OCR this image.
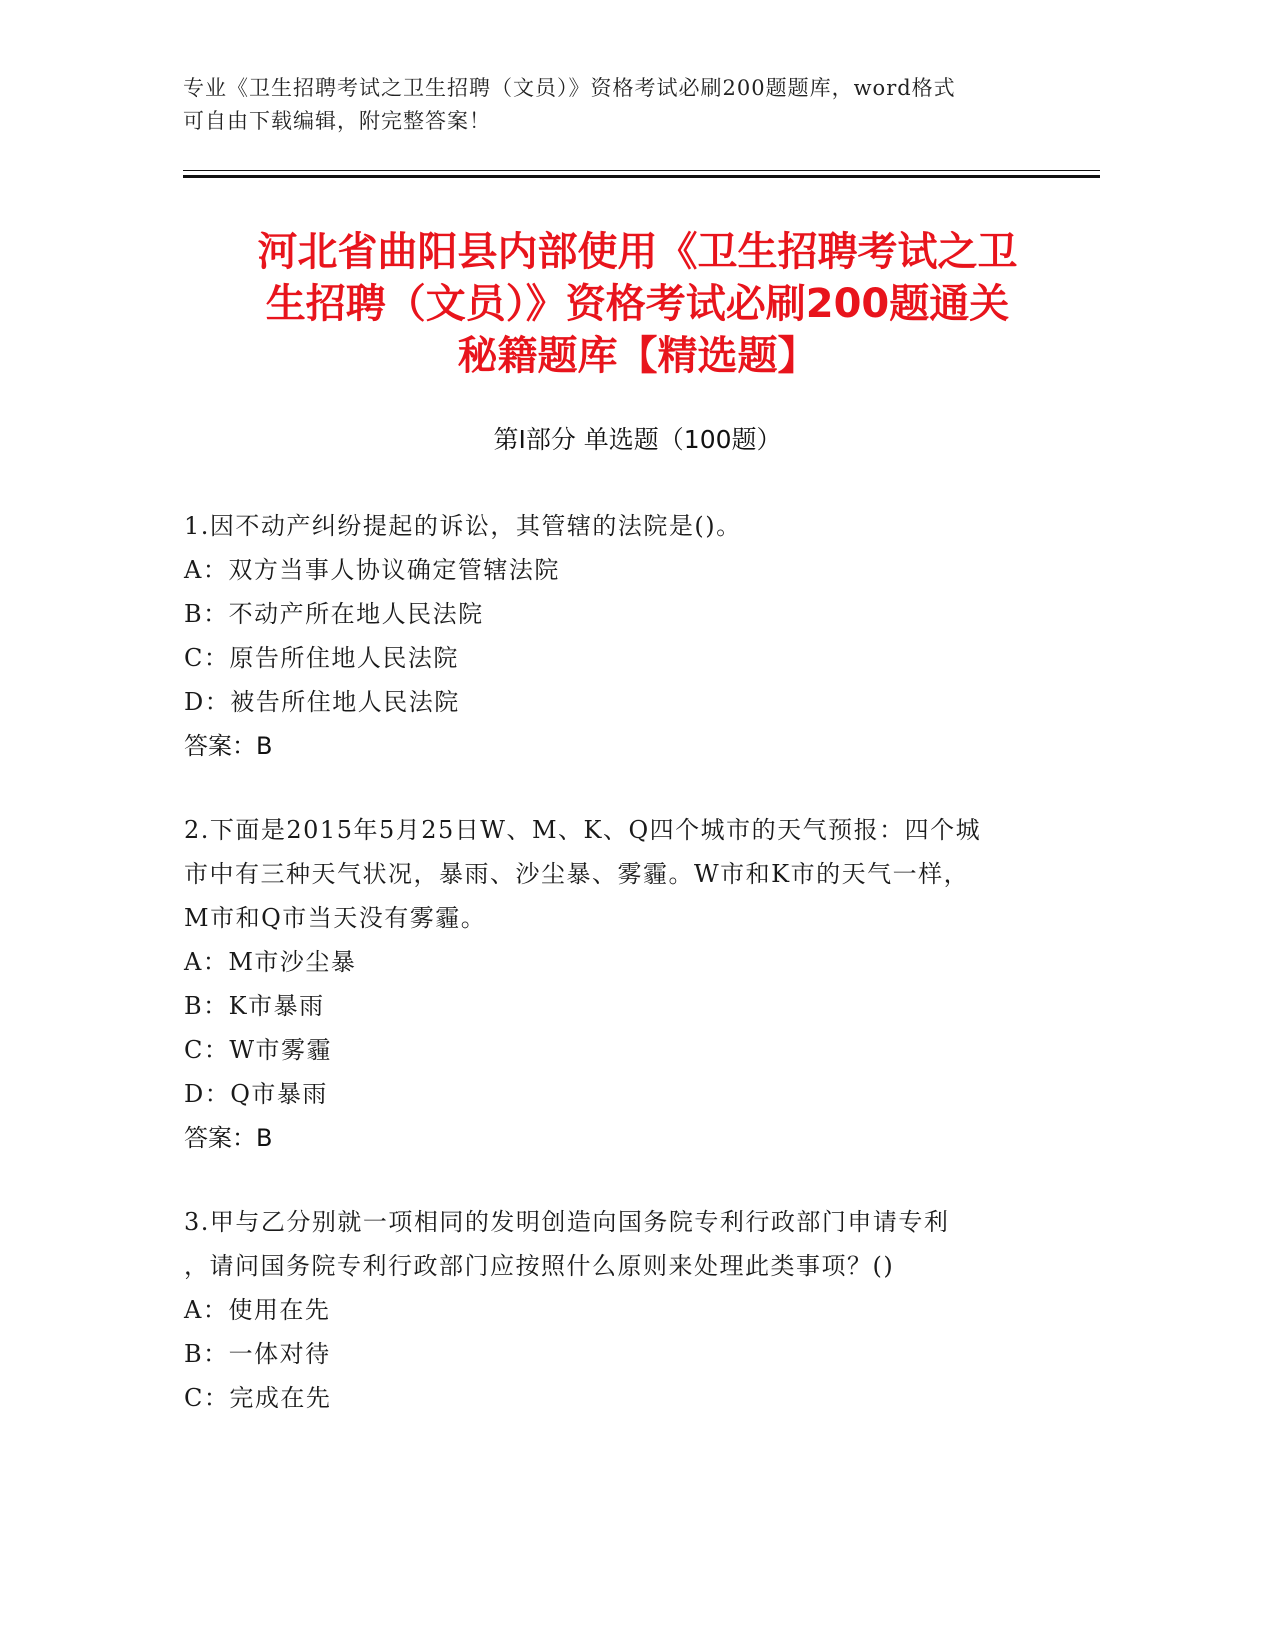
专业《卫生招聘考试之卫生招聘（文员）》资格考试必刷200题题库，word格式
可自由下载编辑，附完整答案！
河北省曲阳县内部使用《卫生招聘考试之卫
生招聘（文员）》资格考试必刷200题通关
秘籍题库【精选题】
第Ⅰ部分 单选题（100题）
1.因不动产纠纷提起的诉讼，其管辖的法院是()。
A：双方当事人协议确定管辖法院
B：不动产所在地人民法院
C：原告所住地人民法院
D：被告所住地人民法院
答案：B
2.下面是2015年5月25日W、M、K、Q四个城市的天气预报：四个城
市中有三种天气状况，暴雨、沙尘暴、雾霾。W市和K市的天气一样，
M市和Q市当天没有雾霾。
A：M市沙尘暴
B：K市暴雨
C：W市雾霾
D：Q市暴雨
答案：B
3.甲与乙分别就一项相同的发明创造向国务院专利行政部门申请专利
，请问国务院专利行政部门应按照什么原则来处理此类事项？()
A：使用在先
B：一体对待
C：完成在先
